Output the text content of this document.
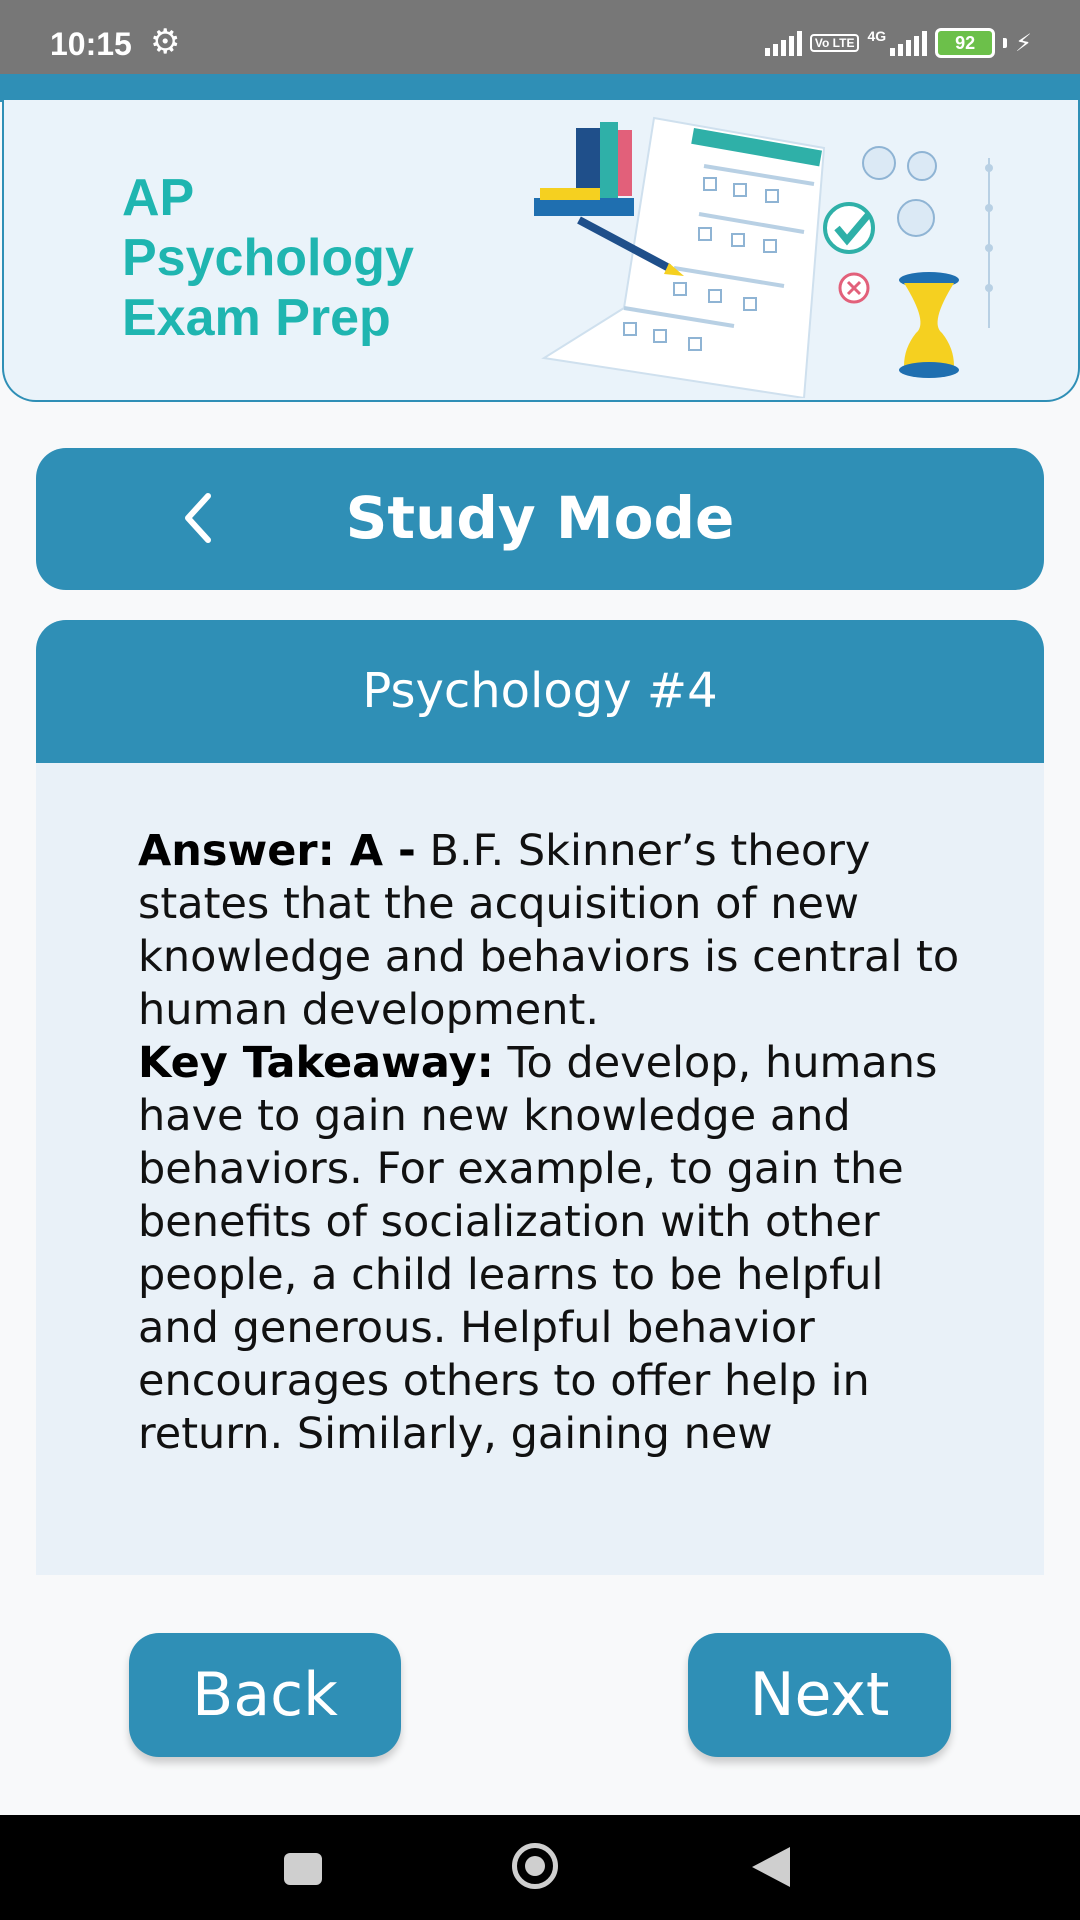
10:15 ⚙	Vo LTE 4G	92	⚡
AP
Psychology
Exam Prep
Study Mode
Psychology #4

Answer: A - B.F. Skinner’s theory states that the acquisition of new knowledge and behaviors is central to human development.

Key Takeaway: To develop, humans have to gain new knowledge and behaviors. For example, to gain the benefits of socialization with other people, a child learns to be helpful and generous. Helpful behavior encourages others to offer help in return. Similarly, gaining new

Back	Next
